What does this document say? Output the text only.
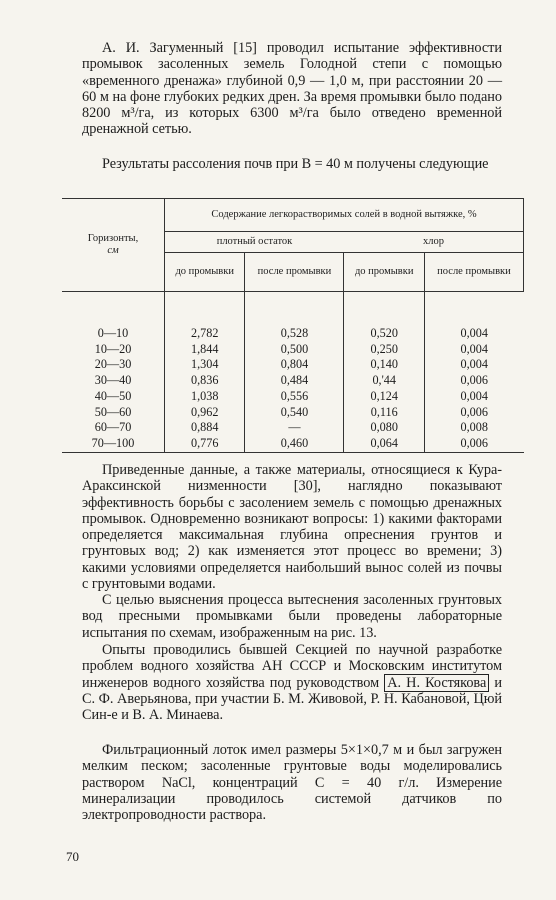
А. И. Загуменный [15] проводил испытание эффективности промывок засоленных земель Голодной степи с помощью «временного дренажа» глубиной 0,9 — 1,0 м, при расстоянии 20 — 60 м на фоне глубоких редких дрен. За время промывки было подано 8200 м³/га, из которых 6300 м³/га было отведено временной дренажной сетью.

Результаты рассоления почв при B = 40 м получены следующие

Горизонты,
см	Содержание легкорастворимых солей в водной вытяжке, %			
	плотный остаток		хлор	
	до промывки	после промывки	до промывки	после промывки

0—10	2,782	0,528	0,520	0,004
10—20	1,844	0,500	0,250	0,004
20—30	1,304	0,804	0,140	0,004
30—40	0,836	0,484	0,'44	0,006
40—50	1,038	0,556	0,124	0,004
50—60	0,962	0,540	0,116	0,006
60—70	0,884	—	0,080	0,008
70—100	0,776	0,460	0,064	0,006

Приведенные данные, а также материалы, относящиеся к Кура-Араксинской низменности [30], наглядно показывают эффективность борьбы с засолением земель с помощью дренажных промывок. Одновременно возникают вопросы: 1) какими факторами определяется максимальная глубина опреснения грунтов и грунтовых вод; 2) как изменяется этот процесс во времени; 3) какими условиями определяется наибольший вынос солей из почвы с грунтовыми водами.

С целью выяснения процесса вытеснения засоленных грунтовых вод пресными промывками были проведены лабораторные испытания по схемам, изображенным на рис. 13.

Опыты проводились бывшей Секцией по научной разработке проблем водного хозяйства АН СССР и Московским институтом инженеров водного хозяйства под руководством А. Н. Костякова и С. Ф. Аверьянова, при участии Б. М. Живовой, Р. Н. Кабановой, Цюй Син-е и В. А. Минаева.

Фильтрационный лоток имел размеры 5×1×0,7 м и был загружен мелким песком; засоленные грунтовые воды моделировались раствором NaCl, концентраций C = 40 г/л. Измерение минерализации проводилось системой датчиков по электропроводности раствора.

70
